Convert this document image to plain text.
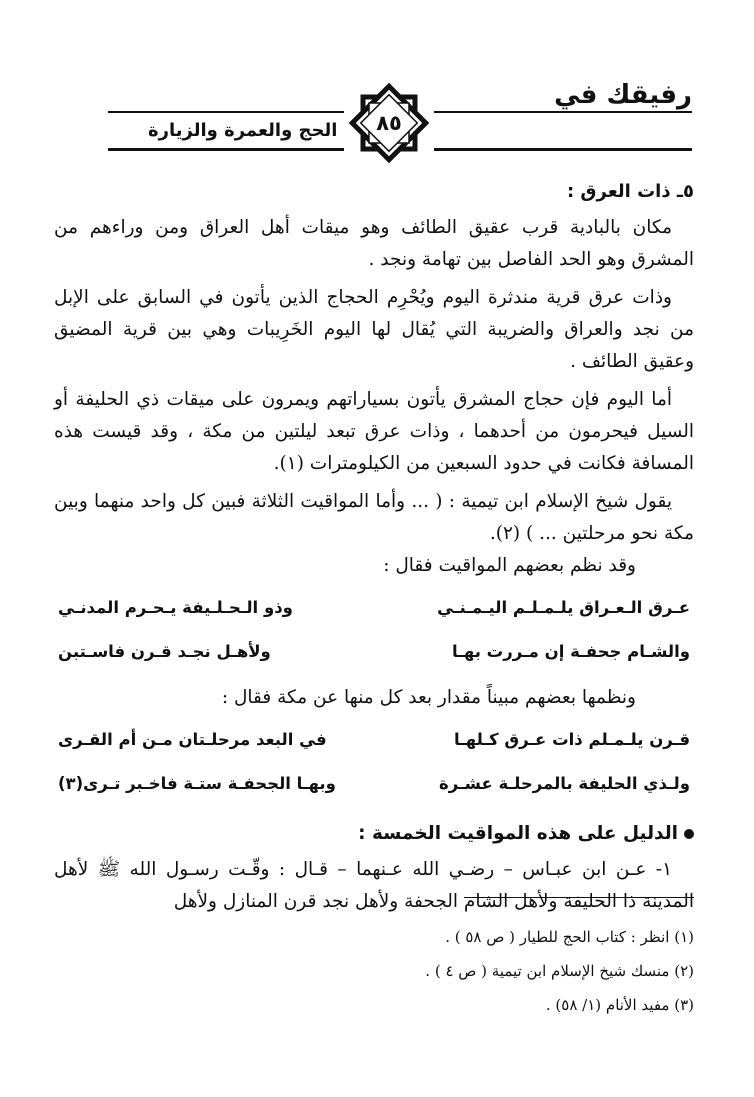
رفيقك في
الحج والعمرة والزيارة	٨٥

٥ـ ذات العرق :

مكان بالبادية قرب عقيق الطائف وهو ميقات أهل العراق ومن وراءهم من المشرق وهو الحد الفاصل بين تهامة ونجد .

وذات عرق قرية مندثرة اليوم ويُحْرِم الحجاج الذين يأتون في السابق على الإبل من نجد والعراق والضريبة التي يُقال لها اليوم الخَرِيبات وهي بين قرية المضيق وعقيق الطائف .

أما اليوم فإن حجاج المشرق يأتون بسياراتهم ويمرون على ميقات ذي الحليفة أو السيل فيحرمون من أحدهما ، وذات عرق تبعد ليلتين من مكة ، وقد قيست هذه المسافة فكانت في حدود السبعين من الكيلومترات (١).

يقول شيخ الإسلام ابن تيمية : ( ... وأما المواقيت الثلاثة فبين كل واحد منهما وبين مكة نحو مرحلتين ... ) (٢).

وقد نظم بعضهم المواقيت فقال :

عـرق الـعـراق يلـمـلـم اليـمـنـي
وذو الـحـلـيفة يـحـرم المدنـي
والشـام جحفـة إن مـررت بهـا
ولأهـل نجـد قـرن فاسـتبن

ونظمها بعضهم مبيناً مقدار بعد كل منها عن مكة فقال :

قـرن يلـمـلم ذات عـرق كـلهـا
في البعد مرحلـتان مـن أم القـرى
ولـذي الحليفة بالمرحلـة عشـرة
وبهـا الجحفـة ستـة فاخـبر تـرى(٣)

الدليل على هذه المواقيت الخمسة :

١- عـن ابن عبـاس – رضـي الله عـنهما – قـال : وقّـت رسـول الله ﷺ لأهل المدينة ذا الحليفة ولأهل الشام الجحفة ولأهل نجد قرن المنازل ولأهل

(١) انظر : كتاب الحج للطيار ( ص ٥٨ ) .

(٢) منسك شيخ الإسلام ابن تيمية ( ص ٤ ) .

(٣) مفيد الأنام (١/ ٥٨) .
